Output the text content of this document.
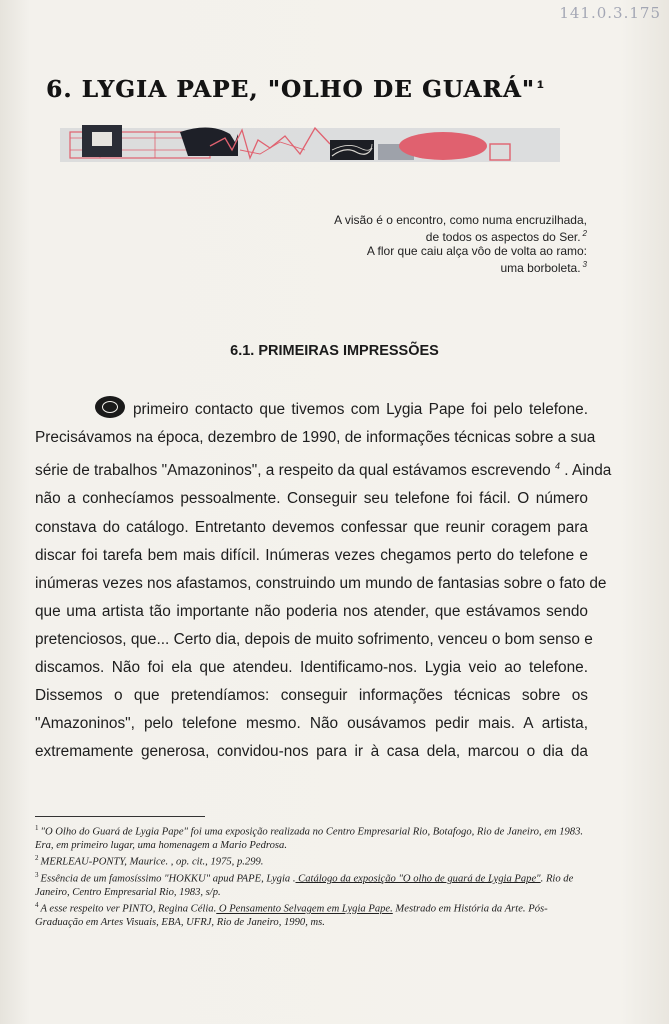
141.0.3.175
6. LYGIA PAPE, "OLHO DE GUARÁ" $^1$
A visão é o encontro, como numa encruzilhada,
de todos os aspectos do Ser. $^2$
A flor que caiu alça vôo de volta ao ramo:
uma borboleta. $^3$
6.1. PRIMEIRAS IMPRESSÕES
primeiro contacto que tivemos com Lygia Pape foi pelo telefone.
Precisávamos na época, dezembro de 1990, de informações técnicas sobre a sua
série de trabalhos "Amazoninos", a respeito da qual estávamos escrevendo $^4$ . Ainda
não a conhecíamos pessoalmente. Conseguir seu telefone foi fácil. O número
constava do catálogo. Entretanto devemos confessar que reunir coragem para
discar foi tarefa bem mais difícil. Inúmeras vezes chegamos perto do telefone e
inúmeras vezes nos afastamos, construindo um mundo de fantasias sobre o fato de
que uma artista tão importante não poderia nos atender, que estávamos sendo
pretenciosos, que... Certo dia, depois de muito sofrimento, venceu o bom senso e
discamos. Não foi ela que atendeu. Identificamo-nos. Lygia veio ao telefone.
Dissemos o que pretendíamos: conseguir informações técnicas sobre os
"Amazoninos", pelo telefone mesmo. Não ousávamos pedir mais. A artista,
extremamente generosa, convidou-nos para ir à casa dela, marcou o dia da

$^1$ "O Olho do Guará de Lygia Pape" foi uma exposição realizada no Centro Empresarial Rio, Botafogo, Rio de Janeiro, em 1983. Era, em primeiro lugar, uma homenagem a Mario Pedrosa.

$^2$ MERLEAU-PONTY, Maurice. , op. cit., 1975, p.299.

$^3$ Essência de um famosíssimo "HOKKU" apud PAPE, Lygia . Catálogo da exposição "O olho de guará de Lygia Pape". Rio de Janeiro, Centro Empresarial Rio, 1983, s/p.

$^4$ A esse respeito ver PINTO, Regina Célia. O Pensamento Selvagem em Lygia Pape. Mestrado em História da Arte. Pós-Graduação em Artes Visuais, EBA, UFRJ, Rio de Janeiro, 1990, ms.
